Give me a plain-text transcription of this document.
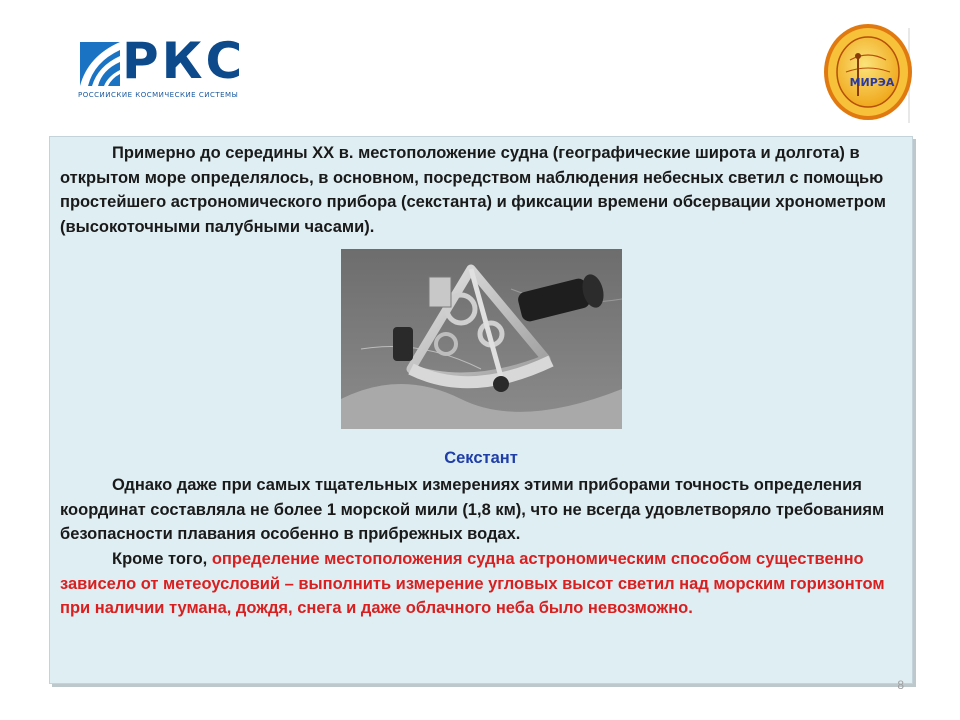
РКС
РОССИЙСКИЕ КОСМИЧЕСКИЕ СИСТЕМЫ
МИРЭА
Примерно до середины XX в. местоположение судна (географические широта и долгота) в открытом море определялось, в основном, посредством наблюдения небесных светил с помощью простейшего астрономического прибора (секстанта) и фиксации времени обсервации хронометром (высокоточными палубными часами).
Секстант
Однако даже при самых тщательных измерениях этими приборами точность определения координат составляла не более 1 морской мили (1,8 км), что не всегда удовлетворяло требованиям безопасности плавания особенно в прибрежных водах.
Кроме того, определение местоположения судна астрономическим способом существенно зависело от метеоусловий – выполнить измерение угловых высот светил над морским горизонтом при наличии тумана, дождя, снега и даже облачного неба было невозможно.
8
